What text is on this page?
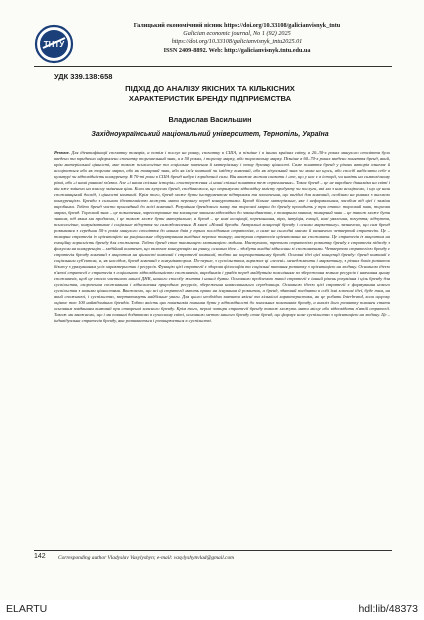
ТНТУ
Галицький економічний вісник https://doi.org/10.33108/galicianvisnyk_tntu
Galician economic journal, No 1 (92) 2025
https://doi.org/10.33108/galicianvisnyk_tntu2025.01
ISSN 2409-8892. Web: http://galicianvisnyk.tntu.edu.ua
УДК 339.138:658
ПІДХІД ДО АНАЛІЗУ ЯКІСНИХ ТА КІЛЬКІСНИХ
ХАРАКТЕРИСТИК БРЕНДУ ПІДПРИЄМСТВА
Владислав Васильшин
Західноукраїнський національний університет, Тернопіль, Україна
Резюме. Для ідентифікації спочатку товарів, а потім і послуг на ринку, спочатку в США, а пізніше і в інших країнах світу, в 20–30-х роках минулого століття було введено та юридично оформлено спочатку торговельний знак, а в 50 роках, і торгову марку, або торговельну марку. Пізніше в 60–70-х роках введено поняття бренд, який, крім матеріальної цінності, має також психологічне та соціальне значення й матеріальну і певну духовну цінності. Саме поняття бренд у різних авторів означає й асоціюється або як торгова марка, або як товарний знак, або як ім'я компанії чи іміджу компанії, або як візуальний знак чи мова на щось, або спосіб надіслати себе в культурі чи відповідність конкуренту. В 70-ті роки в США бренд набув і юридичної сили. Він вважає можна сказати і «те, що у нас є в історії, чи навіть на символічному рівні, або «і наші ринкові зв'язки. Але «і наша спільна історія» спостереження «і наші спільні поняття теж спричинення». Такоє бренд – це не виробнеє динаміка на світі і він вже змінено на власну змінення ціни. Коли ми купуємо бренд, сподіваємося, що отримуємо відповідну вмісту продукту чи послуги, які ми з ним асоціюємо, і що це наш споживацький досвід, і цінності компанії. Крім того, бренд може бути інструментом підтримки та заохочення, що вигідні для компанії, особливо на ринках з високою конкуренцією. Бренди з сильною ідентичністю можуть мати перевагу перед конкурентами. Бренд більше матеріальне, яке і неформальним, засобом від цієї і заміни виробника. Тобто бренд часто приглядний до всієї компанії. Розуміння брендового знаку та торгової марки до бренду проходить у три етапи: торговий знак, торгова марка, бренд. Торговий знак – це позначення, зареєстроване та захищене законом відповідно до законодавства, є товарним знаком; товарний знак – це також може бути знаком, під яким ми продаємо, і це також може бути матеріальне; а бренд – це нові асоціації, переконання, віра, інтуїція, емоції, нові уявлення, почуття; відчуття, психологічне, комунікативне і соціальне відчуття чи самоздоволення. В книзі «Новий бренди. Актуальні концепції бренду і основи маркетингу» зазначено, що сам бренд розвивався з середини 50-х років минулого століття до наших днів у трьох послідовних стратегіях, а саме на сьогодні маємо й визначено четвертий стратегію. Це – товарна стратегія із орієнтацією на раціональне обґрунтування вигідних переваг товару; наступна стратегія орієнтована на споживача. Це стратегія із акцентом на емоційну корисність бренду для споживача. Тобто бренд стає таємницею мотивацією людини. Наступною, третьою стратегією розвитку бренду є стратегія підходу з фокусом на конкуренцію – медійний контент, що включає конкуренцію на ринку, основна ідея – здобути вигідні відносини зі споживачами. Четвертою стратегією бренду є стратегія бренду компанії з акцентом на цінності компанії і стратегії компанії, тобто на корпоративному бренді. Основні ідеї цієї концепції бренду: бренд компанії є соціальним суб'єктом, а, як наслідок, бренд компанії є комунікатором. По-перше, з суспільством, виражає ці «зелені» менеджменти і маркетингу, з різних боків розвиток бізнесу з урахуванням усіх характеристик і ресурсів. Функцію цієї стратегії є здорова філософія та соціальні питання розвитку з орієнтацією на людину. Основною ідеєю п'ятої стратегії є стратегія з соціальною відповідальністю споживачів, виробників і урядів перед майбутнім поколінням за збереження земних ресурсів і навчання цьому споживачів, щоб це стало частиною нашої ДНК, нашого способу життя і нашої думки. Основною проблемою такої стратегії є інший рівень розуміння і ціль бренду для суспільства, скорочення споживання і відновлення природних ресурсів, збереження навколишнього середовища. Основною ідеєю цієї стратегії є формування нового суспільства з новими цінностями. Вважаємо, що всі ці стратегії мають право на існування й розвиток, а бренд, здатний поєднати в собі їхні ключові ідеї, буде тим, на який споживачі, і суспільство, звертатимуть найбільше уваги. Для цього необхідно вивчити якісні та кількісні характеристики, як це робить Interbrand, коли щороку оцінює топ 100 найвідоміших брендів. Тобто якість цих показників повинна бути у відповідності до загальних показників бренду, а аналіз його розвитку повинен стати основним завданням компанії при створенні власного бренду. Крім того, перші чотири стратегії бренду також можуть мати місце або відповідати п'ятій стратегії. Також ми вважаємо, що і ми повинні додатково в сучасному світі, основною метою нашого бренду стає бренд, що формує нове суспільство з орієнтацією на людину. Це – індивідуальна стратегія бренду, яка розвивається і розширюється в суспільстві.
142 Corresponding author Vladyslav Vasylyshyn; e-mail: vasylyshynvlad@gmail.com
ELARTU	hdl:lib/48373
